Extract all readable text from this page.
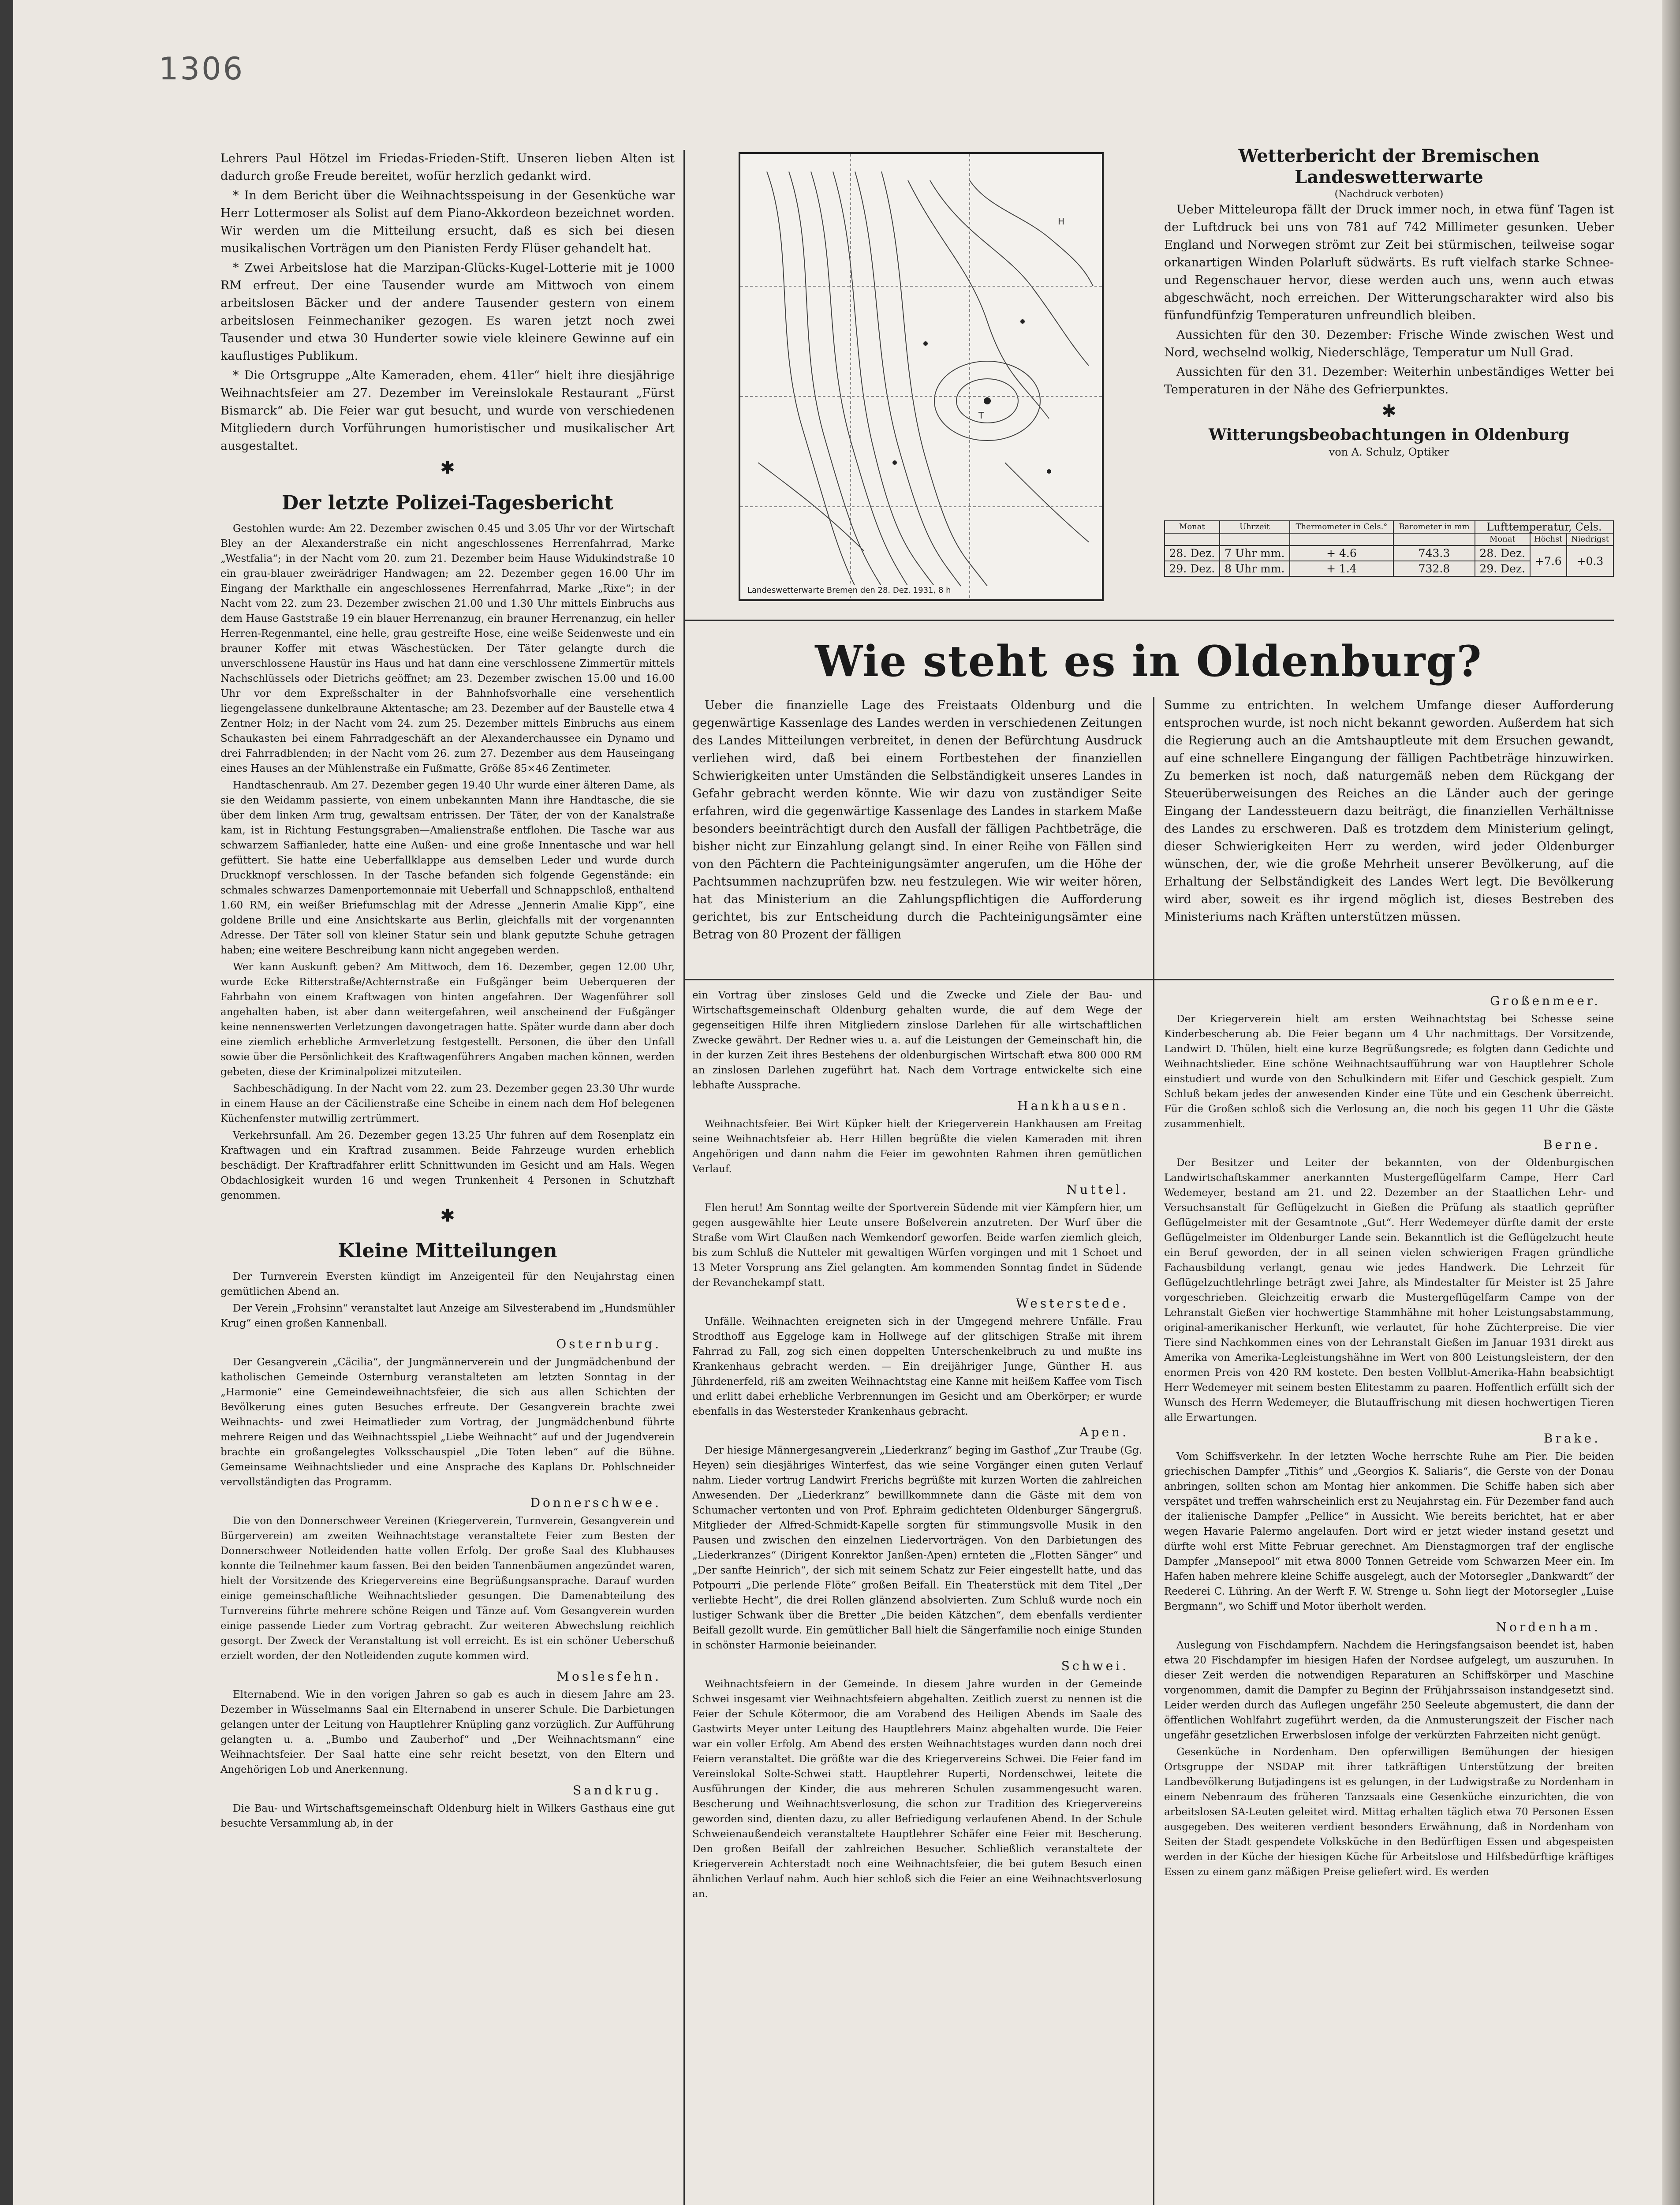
1306

Lehrers Paul Hötzel im Friedas-Frieden-Stift. Unseren lieben Alten ist dadurch große Freude bereitet, wofür herzlich gedankt wird.

* In dem Bericht über die Weihnachtsspeisung in der Gesenküche war Herr Lottermoser als Solist auf dem Piano-Akkordeon bezeichnet worden. Wir werden um die Mitteilung ersucht, daß es sich bei diesen musikalischen Vorträgen um den Pianisten Ferdy Flüser gehandelt hat.

* Zwei Arbeitslose hat die Marzipan-Glücks-Kugel-Lotterie mit je 1000 RM erfreut. Der eine Tausender wurde am Mittwoch von einem arbeitslosen Bäcker und der andere Tausender gestern von einem arbeitslosen Feinmechaniker gezogen. Es waren jetzt noch zwei Tausender und etwa 30 Hunderter sowie viele kleinere Gewinne auf ein kauflustiges Publikum.

* Die Ortsgruppe „Alte Kameraden, ehem. 41ler“ hielt ihre diesjährige Weihnachtsfeier am 27. Dezember im Vereinslokale Restaurant „Fürst Bismarck“ ab. Die Feier war gut besucht, und wurde von verschiedenen Mitgliedern durch Vorführungen humoristischer und musikalischer Art ausgestaltet.

✱
Der letzte Polizei-Tagesbericht

Gestohlen wurde: Am 22. Dezember zwischen 0.45 und 3.05 Uhr vor der Wirtschaft Bley an der Alexanderstraße ein nicht angeschlossenes Herrenfahrrad, Marke „Westfalia“; in der Nacht vom 20. zum 21. Dezember beim Hause Widukindstraße 10 ein grau-blauer zweirädriger Handwagen; am 22. Dezember gegen 16.00 Uhr im Eingang der Markthalle ein angeschlossenes Herrenfahrrad, Marke „Rixe“; in der Nacht vom 22. zum 23. Dezember zwischen 21.00 und 1.30 Uhr mittels Einbruchs aus dem Hause Gaststraße 19 ein blauer Herrenanzug, ein brauner Herrenanzug, ein heller Herren-Regenmantel, eine helle, grau gestreifte Hose, eine weiße Seidenweste und ein brauner Koffer mit etwas Wäschestücken. Der Täter gelangte durch die unverschlossene Haustür ins Haus und hat dann eine verschlossene Zimmertür mittels Nachschlüssels oder Dietrichs geöffnet; am 23. Dezember zwischen 15.00 und 16.00 Uhr vor dem Expreßschalter in der Bahnhofsvorhalle eine versehentlich liegengelassene dunkelbraune Aktentasche; am 23. Dezember auf der Baustelle etwa 4 Zentner Holz; in der Nacht vom 24. zum 25. Dezember mittels Einbruchs aus einem Schaukasten bei einem Fahrradgeschäft an der Alexanderchaussee ein Dynamo und drei Fahrradblenden; in der Nacht vom 26. zum 27. Dezember aus dem Hauseingang eines Hauses an der Mühlenstraße ein Fußmatte, Größe 85×46 Zentimeter.

Handtaschenraub. Am 27. Dezember gegen 19.40 Uhr wurde einer älteren Dame, als sie den Weidamm passierte, von einem unbekannten Mann ihre Handtasche, die sie über dem linken Arm trug, gewaltsam entrissen. Der Täter, der von der Kanalstraße kam, ist in Richtung Festungsgraben—Amalienstraße entflohen. Die Tasche war aus schwarzem Saffianleder, hatte eine Außen- und eine große Innentasche und war hell gefüttert. Sie hatte eine Ueberfallklappe aus demselben Leder und wurde durch Druckknopf verschlossen. In der Tasche befanden sich folgende Gegenstände: ein schmales schwarzes Damenportemonnaie mit Ueberfall und Schnappschloß, enthaltend 1.60 RM, ein weißer Briefumschlag mit der Adresse „Jennerin Amalie Kipp“, eine goldene Brille und eine Ansichtskarte aus Berlin, gleichfalls mit der vorgenannten Adresse. Der Täter soll von kleiner Statur sein und blank geputzte Schuhe getragen haben; eine weitere Beschreibung kann nicht angegeben werden.

Wer kann Auskunft geben? Am Mittwoch, dem 16. Dezember, gegen 12.00 Uhr, wurde Ecke Ritterstraße/Achternstraße ein Fußgänger beim Ueberqueren der Fahrbahn von einem Kraftwagen von hinten angefahren. Der Wagenführer soll angehalten haben, ist aber dann weitergefahren, weil anscheinend der Fußgänger keine nennenswerten Verletzungen davongetragen hatte. Später wurde dann aber doch eine ziemlich erhebliche Armverletzung festgestellt. Personen, die über den Unfall sowie über die Persönlichkeit des Kraftwagenführers Angaben machen können, werden gebeten, diese der Kriminalpolizei mitzuteilen.

Sachbeschädigung. In der Nacht vom 22. zum 23. Dezember gegen 23.30 Uhr wurde in einem Hause an der Cäcilienstraße eine Scheibe in einem nach dem Hof belegenen Küchenfenster mutwillig zertrümmert.

Verkehrsunfall. Am 26. Dezember gegen 13.25 Uhr fuhren auf dem Rosenplatz ein Kraftwagen und ein Kraftrad zusammen. Beide Fahrzeuge wurden erheblich beschädigt. Der Kraftradfahrer erlitt Schnittwunden im Gesicht und am Hals. Wegen Obdachlosigkeit wurden 16 und wegen Trunkenheit 4 Personen in Schutzhaft genommen.

✱
Kleine Mitteilungen

Der Turnverein Eversten kündigt im Anzeigenteil für den Neujahrstag einen gemütlichen Abend an.

Der Verein „Frohsinn“ veranstaltet laut Anzeige am Silvesterabend im „Hundsmühler Krug“ einen großen Kannenball.

Osternburg.

Der Gesangverein „Cäcilia“, der Jungmännerverein und der Jungmädchenbund der katholischen Gemeinde Osternburg veranstalteten am letzten Sonntag in der „Harmonie“ eine Gemeindeweihnachtsfeier, die sich aus allen Schichten der Bevölkerung eines guten Besuches erfreute. Der Gesangverein brachte zwei Weihnachts- und zwei Heimatlieder zum Vortrag, der Jungmädchenbund führte mehrere Reigen und das Weihnachtsspiel „Liebe Weihnacht“ auf und der Jugendverein brachte ein großangelegtes Volksschauspiel „Die Toten leben“ auf die Bühne. Gemeinsame Weihnachtslieder und eine Ansprache des Kaplans Dr. Pohlschneider vervollständigten das Programm.

Donnerschwee.

Die von den Donnerschweer Vereinen (Kriegerverein, Turnverein, Gesangverein und Bürgerverein) am zweiten Weihnachtstage veranstaltete Feier zum Besten der Donnerschweer Notleidenden hatte vollen Erfolg. Der große Saal des Klubhauses konnte die Teilnehmer kaum fassen. Bei den beiden Tannenbäumen angezündet waren, hielt der Vorsitzende des Kriegervereins eine Begrüßungsansprache. Darauf wurden einige gemeinschaftliche Weihnachtslieder gesungen. Die Damenabteilung des Turnvereins führte mehrere schöne Reigen und Tänze auf. Vom Gesangverein wurden einige passende Lieder zum Vortrag gebracht. Zur weiteren Abwechslung reichlich gesorgt. Der Zweck der Veranstaltung ist voll erreicht. Es ist ein schöner Ueberschuß erzielt worden, der den Notleidenden zugute kommen wird.

Moslesfehn.

Elternabend. Wie in den vorigen Jahren so gab es auch in diesem Jahre am 23. Dezember in Wüsselmanns Saal ein Elternabend in unserer Schule. Die Darbietungen gelangen unter der Leitung von Hauptlehrer Knüpling ganz vorzüglich. Zur Aufführung gelangten u. a. „Bumbo und Zauberhof“ und „Der Weihnachtsmann“ eine Weihnachtsfeier. Der Saal hatte eine sehr reicht besetzt, von den Eltern und Angehörigen Lob und Anerkennung.

Sandkrug.

Die Bau- und Wirtschaftsgemeinschaft Oldenburg hielt in Wilkers Gasthaus eine gut besuchte Versammlung ab, in der

T
H
Landeswetterwarte Bremen den 28. Dez. 1931, 8 h
Wetterbericht der Bremischen Landeswetterwarte
(Nachdruck verboten)

Ueber Mitteleuropa fällt der Druck immer noch, in etwa fünf Tagen ist der Luftdruck bei uns von 781 auf 742 Millimeter gesunken. Ueber England und Norwegen strömt zur Zeit bei stürmischen, teilweise sogar orkanartigen Winden Polarluft südwärts. Es ruft vielfach starke Schnee- und Regenschauer hervor, diese werden auch uns, wenn auch etwas abgeschwächt, noch erreichen. Der Witterungscharakter wird also bis fünfundfünfzig Temperaturen unfreundlich bleiben.

Aussichten für den 30. Dezember: Frische Winde zwischen West und Nord, wechselnd wolkig, Niederschläge, Temperatur um Null Grad.

Aussichten für den 31. Dezember: Weiterhin unbeständiges Wetter bei Temperaturen in der Nähe des Gefrierpunktes.

✱
Witterungsbeobachtungen in Oldenburg
von A. Schulz, Optiker
Monat	Uhrzeit	Thermometer in Cels.°	Barometer in mm	Lufttemperatur, Cels.		
				Monat	Höchst	Niedrigst
28. Dez.	7 Uhr mm.	+ 4.6	743.3	28. Dez.	+7.6	+0.3
29. Dez.	8 Uhr mm.	+ 1.4	732.8	29. Dez.		
Wie steht es in Oldenburg?

Ueber die finanzielle Lage des Freistaats Oldenburg und die gegenwärtige Kassenlage des Landes werden in verschiedenen Zeitungen des Landes Mitteilungen verbreitet, in denen der Befürchtung Ausdruck verliehen wird, daß bei einem Fortbestehen der finanziellen Schwierigkeiten unter Umständen die Selbständigkeit unseres Landes in Gefahr gebracht werden könnte. Wie wir dazu von zuständiger Seite erfahren, wird die gegenwärtige Kassenlage des Landes in starkem Maße besonders beeinträchtigt durch den Ausfall der fälligen Pachtbeträge, die bisher nicht zur Einzahlung gelangt sind. In einer Reihe von Fällen sind von den Pächtern die Pachteinigungsämter angerufen, um die Höhe der Pachtsummen nachzuprüfen bzw. neu festzulegen. Wie wir weiter hören, hat das Ministerium an die Zahlungspflichtigen die Aufforderung gerichtet, bis zur Entscheidung durch die Pachteinigungsämter eine Betrag von 80 Prozent der fälligen

Summe zu entrichten. In welchem Umfange dieser Aufforderung entsprochen wurde, ist noch nicht bekannt geworden. Außerdem hat sich die Regierung auch an die Amtshauptleute mit dem Ersuchen gewandt, auf eine schnellere Eingangung der fälligen Pachtbeträge hinzuwirken. Zu bemerken ist noch, daß naturgemäß neben dem Rückgang der Steuerüberweisungen des Reiches an die Länder auch der geringe Eingang der Landessteuern dazu beiträgt, die finanziellen Verhältnisse des Landes zu erschweren. Daß es trotzdem dem Ministerium gelingt, dieser Schwierigkeiten Herr zu werden, wird jeder Oldenburger wünschen, der, wie die große Mehrheit unserer Bevölkerung, auf die Erhaltung der Selbständigkeit des Landes Wert legt. Die Bevölkerung wird aber, soweit es ihr irgend möglich ist, dieses Bestreben des Ministeriums nach Kräften unterstützen müssen.

ein Vortrag über zinsloses Geld und die Zwecke und Ziele der Bau- und Wirtschaftsgemeinschaft Oldenburg gehalten wurde, die auf dem Wege der gegenseitigen Hilfe ihren Mitgliedern zinslose Darlehen für alle wirtschaftlichen Zwecke gewährt. Der Redner wies u. a. auf die Leistungen der Gemeinschaft hin, die in der kurzen Zeit ihres Bestehens der oldenburgischen Wirtschaft etwa 800 000 RM an zinslosen Darlehen zugeführt hat. Nach dem Vortrage entwickelte sich eine lebhafte Aussprache.

Hankhausen.

Weihnachtsfeier. Bei Wirt Küpker hielt der Kriegerverein Hankhausen am Freitag seine Weihnachtsfeier ab. Herr Hillen begrüßte die vielen Kameraden mit ihren Angehörigen und dann nahm die Feier im gewohnten Rahmen ihren gemütlichen Verlauf.

Nuttel.

Flen herut! Am Sonntag weilte der Sportverein Südende mit vier Kämpfern hier, um gegen ausgewählte hier Leute unsere Boßelverein anzutreten. Der Wurf über die Straße vom Wirt Claußen nach Wemkendorf geworfen. Beide warfen ziemlich gleich, bis zum Schluß die Nutteler mit gewaltigen Würfen vorgingen und mit 1 Schoet und 13 Meter Vorsprung ans Ziel gelangten. Am kommenden Sonntag findet in Südende der Revanchekampf statt.

Westerstede.

Unfälle. Weihnachten ereigneten sich in der Umgegend mehrere Unfälle. Frau Strodthoff aus Eggeloge kam in Hollwege auf der glitschigen Straße mit ihrem Fahrrad zu Fall, zog sich einen doppelten Unterschenkelbruch zu und mußte ins Krankenhaus gebracht werden. — Ein dreijähriger Junge, Günther H. aus Jührdenerfeld, riß am zweiten Weihnachtstag eine Kanne mit heißem Kaffee vom Tisch und erlitt dabei erhebliche Verbrennungen im Gesicht und am Oberkörper; er wurde ebenfalls in das Westersteder Krankenhaus gebracht.

Apen.

Der hiesige Männergesangverein „Liederkranz“ beging im Gasthof „Zur Traube (Gg. Heyen) sein diesjähriges Winterfest, das wie seine Vorgänger einen guten Verlauf nahm. Lieder vortrug Landwirt Frerichs begrüßte mit kurzen Worten die zahlreichen Anwesenden. Der „Liederkranz“ bewillkommnete dann die Gäste mit dem von Schumacher vertonten und von Prof. Ephraim gedichteten Oldenburger Sängergruß. Mitglieder der Alfred-Schmidt-Kapelle sorgten für stimmungsvolle Musik in den Pausen und zwischen den einzelnen Liedervorträgen. Von den Darbietungen des „Liederkranzes“ (Dirigent Konrektor Janßen-Apen) ernteten die „Flotten Sänger“ und „Der sanfte Heinrich“, der sich mit seinem Schatz zur Feier eingestellt hatte, und das Potpourri „Die perlende Flöte“ großen Beifall. Ein Theaterstück mit dem Titel „Der verliebte Hecht“, die drei Rollen glänzend absolvierten. Zum Schluß wurde noch ein lustiger Schwank über die Bretter „Die beiden Kätzchen“, dem ebenfalls verdienter Beifall gezollt wurde. Ein gemütlicher Ball hielt die Sängerfamilie noch einige Stunden in schönster Harmonie beieinander.

Schwei.

Weihnachtsfeiern in der Gemeinde. In diesem Jahre wurden in der Gemeinde Schwei insgesamt vier Weihnachtsfeiern abgehalten. Zeitlich zuerst zu nennen ist die Feier der Schule Kötermoor, die am Vorabend des Heiligen Abends im Saale des Gastwirts Meyer unter Leitung des Hauptlehrers Mainz abgehalten wurde. Die Feier war ein voller Erfolg. Am Abend des ersten Weihnachtstages wurden dann noch drei Feiern veranstaltet. Die größte war die des Kriegervereins Schwei. Die Feier fand im Vereinslokal Solte-Schwei statt. Hauptlehrer Ruperti, Nordenschwei, leitete die Ausführungen der Kinder, die aus mehreren Schulen zusammengesucht waren. Bescherung und Weihnachtsverlosung, die schon zur Tradition des Kriegervereins geworden sind, dienten dazu, zu aller Befriedigung verlaufenen Abend. In der Schule Schweienaußendeich veranstaltete Hauptlehrer Schäfer eine Feier mit Bescherung. Den großen Beifall der zahlreichen Besucher. Schließlich veranstaltete der Kriegerverein Achterstadt noch eine Weihnachtsfeier, die bei gutem Besuch einen ähnlichen Verlauf nahm. Auch hier schloß sich die Feier an eine Weihnachtsverlosung an.

Großenmeer.

Der Kriegerverein hielt am ersten Weihnachtstag bei Schesse seine Kinderbescherung ab. Die Feier begann um 4 Uhr nachmittags. Der Vorsitzende, Landwirt D. Thülen, hielt eine kurze Begrüßungsrede; es folgten dann Gedichte und Weihnachtslieder. Eine schöne Weihnachtsaufführung war von Hauptlehrer Schole einstudiert und wurde von den Schulkindern mit Eifer und Geschick gespielt. Zum Schluß bekam jedes der anwesenden Kinder eine Tüte und ein Geschenk überreicht. Für die Großen schloß sich die Verlosung an, die noch bis gegen 11 Uhr die Gäste zusammenhielt.

Berne.

Der Besitzer und Leiter der bekannten, von der Oldenburgischen Landwirtschaftskammer anerkannten Mustergeflügelfarm Campe, Herr Carl Wedemeyer, bestand am 21. und 22. Dezember an der Staatlichen Lehr- und Versuchsanstalt für Geflügelzucht in Gießen die Prüfung als staatlich geprüfter Geflügelmeister mit der Gesamtnote „Gut“. Herr Wedemeyer dürfte damit der erste Geflügelmeister im Oldenburger Lande sein. Bekanntlich ist die Geflügelzucht heute ein Beruf geworden, der in all seinen vielen schwierigen Fragen gründliche Fachausbildung verlangt, genau wie jedes Handwerk. Die Lehrzeit für Geflügelzuchtlehrlinge beträgt zwei Jahre, als Mindestalter für Meister ist 25 Jahre vorgeschrieben. Gleichzeitig erwarb die Mustergeflügelfarm Campe von der Lehranstalt Gießen vier hochwertige Stammhähne mit hoher Leistungsabstammung, original-amerikanischer Herkunft, wie verlautet, für hohe Züchterpreise. Die vier Tiere sind Nachkommen eines von der Lehranstalt Gießen im Januar 1931 direkt aus Amerika von Amerika-Legleistungshähne im Wert von 800 Leistungsleistern, der den enormen Preis von 420 RM kostete. Den besten Vollblut-Amerika-Hahn beabsichtigt Herr Wedemeyer mit seinem besten Elitestamm zu paaren. Hoffentlich erfüllt sich der Wunsch des Herrn Wedemeyer, die Blutauffrischung mit diesen hochwertigen Tieren alle Erwartungen.

Brake.

Vom Schiffsverkehr. In der letzten Woche herrschte Ruhe am Pier. Die beiden griechischen Dampfer „Tithis“ und „Georgios K. Saliaris“, die Gerste von der Donau anbringen, sollten schon am Montag hier ankommen. Die Schiffe haben sich aber verspätet und treffen wahrscheinlich erst zu Neujahrstag ein. Für Dezember fand auch der italienische Dampfer „Pellice“ in Aussicht. Wie bereits berichtet, hat er aber wegen Havarie Palermo angelaufen. Dort wird er jetzt wieder instand gesetzt und dürfte wohl erst Mitte Februar gerechnet. Am Dienstagmorgen traf der englische Dampfer „Mansepool“ mit etwa 8000 Tonnen Getreide vom Schwarzen Meer ein. Im Hafen haben mehrere kleine Schiffe ausgelegt, auch der Motorsegler „Dankwardt“ der Reederei C. Lühring. An der Werft F. W. Strenge u. Sohn liegt der Motorsegler „Luise Bergmann“, wo Schiff und Motor überholt werden.

Nordenham.

Auslegung von Fischdampfern. Nachdem die Heringsfangsaison beendet ist, haben etwa 20 Fischdampfer im hiesigen Hafen der Nordsee aufgelegt, um auszuruhen. In dieser Zeit werden die notwendigen Reparaturen an Schiffskörper und Maschine vorgenommen, damit die Dampfer zu Beginn der Frühjahrssaison instandgesetzt sind. Leider werden durch das Auflegen ungefähr 250 Seeleute abgemustert, die dann der öffentlichen Wohlfahrt zugeführt werden, da die Anmusterungszeit der Fischer nach ungefähr gesetzlichen Erwerbslosen infolge der verkürzten Fahrzeiten nicht genügt.

Gesenküche in Nordenham. Den opferwilligen Bemühungen der hiesigen Ortsgruppe der NSDAP mit ihrer tatkräftigen Unterstützung der breiten Landbevölkerung Butjadingens ist es gelungen, in der Ludwigstraße zu Nordenham in einem Nebenraum des früheren Tanzsaals eine Gesenküche einzurichten, die von arbeitslosen SA-Leuten geleitet wird. Mittag erhalten täglich etwa 70 Personen Essen ausgegeben. Des weiteren verdient besonders Erwähnung, daß in Nordenham von Seiten der Stadt gespendete Volksküche in den Bedürftigen Essen und abgespeisten werden in der Küche der hiesigen Küche für Arbeitslose und Hilfsbedürftige kräftiges Essen zu einem ganz mäßigen Preise geliefert wird. Es werden
